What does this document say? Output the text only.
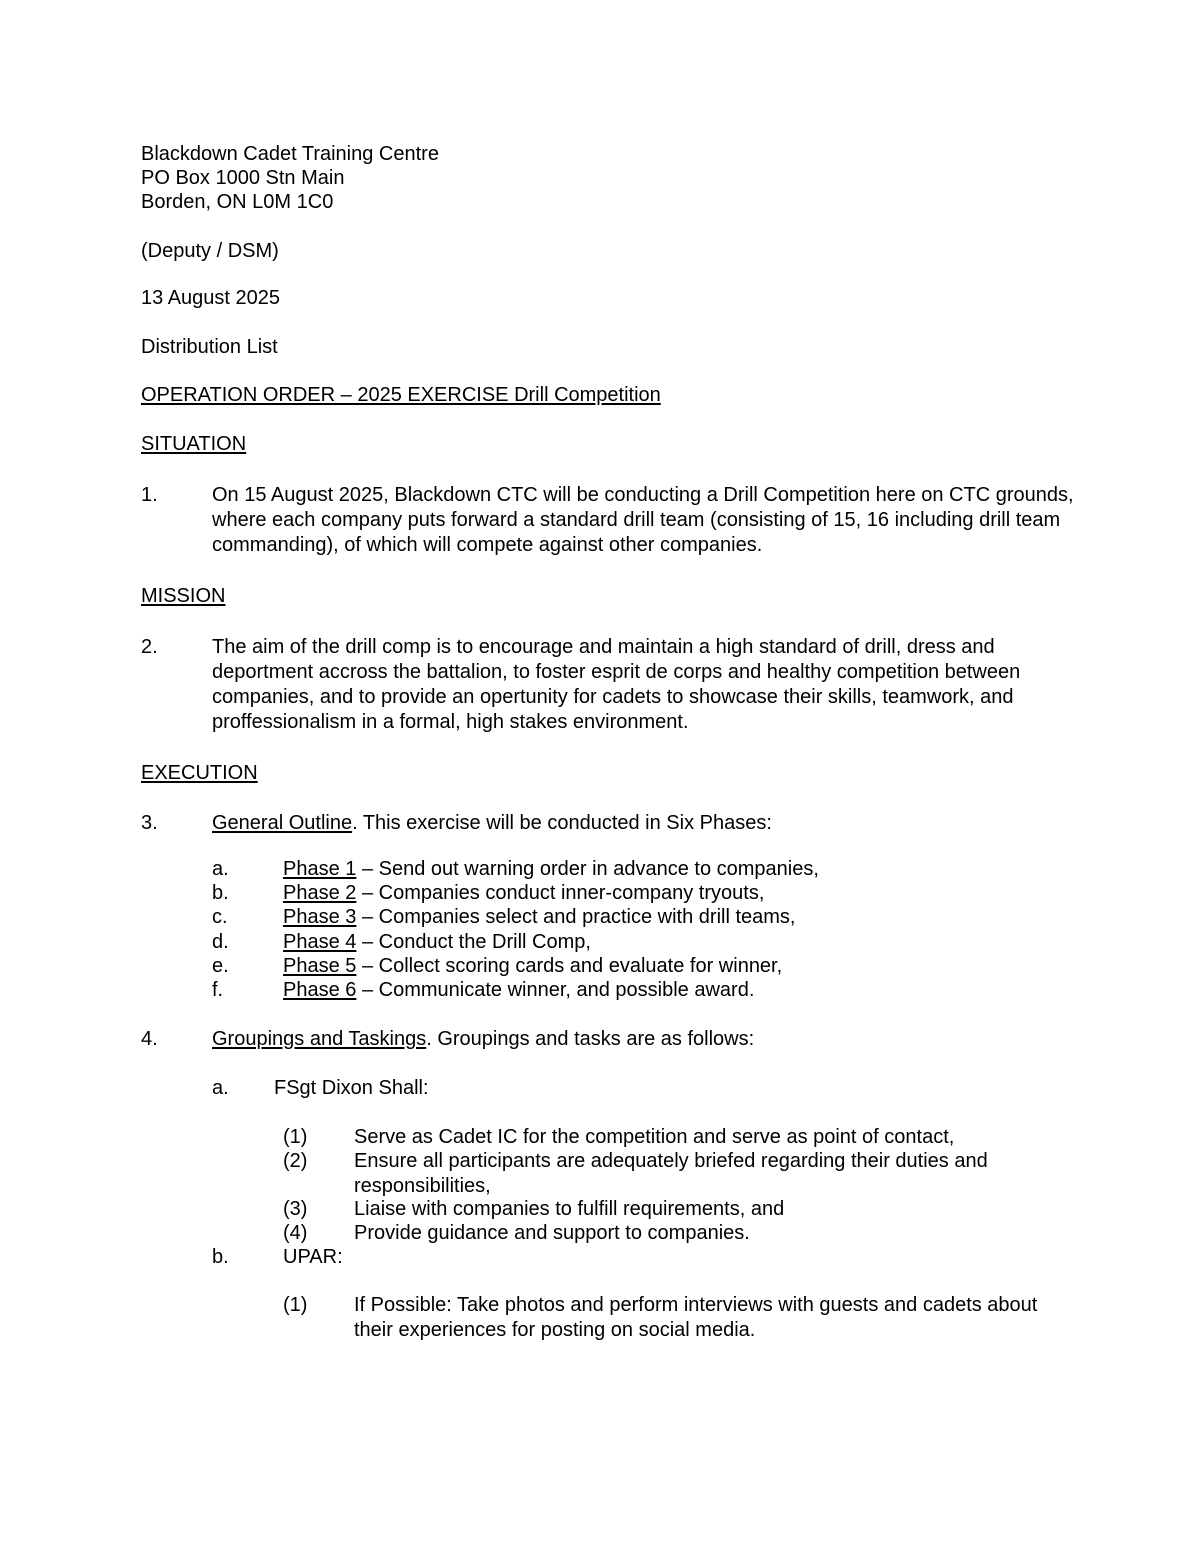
Blackdown Cadet Training Centre
PO Box 1000 Stn Main
Borden, ON L0M 1C0
(Deputy / DSM)
13 August 2025
Distribution List
OPERATION ORDER – 2025 EXERCISE Drill Competition
SITUATION
1.	On 15 August 2025, Blackdown CTC will be conducting a Drill Competition here on CTC grounds, where each company puts forward a standard drill team (consisting of 15, 16 including drill team commanding), of which will compete against other companies.
MISSION
2.	The aim of the drill comp is to encourage and maintain a high standard of drill, dress and deportment accross the battalion, to foster esprit de corps and healthy competition between companies, and to provide an opertunity for cadets to showcase their skills, teamwork, and proffessionalism in a formal, high stakes environment.
EXECUTION
3.	General Outline. This exercise will be conducted in Six Phases:
a.	Phase 1 – Send out warning order in advance to companies,
b.	Phase 2 – Companies conduct inner-company tryouts,
c.	Phase 3 – Companies select and practice with drill teams,
d.	Phase 4 – Conduct the Drill Comp,
e.	Phase 5 – Collect scoring cards and evaluate for winner,
f.	Phase 6 – Communicate winner, and possible award.
4.	Groupings and Taskings. Groupings and tasks are as follows:
a. FSgt Dixon Shall:
(1) Serve as Cadet IC for the competition and serve as point of contact,
(2) Ensure all participants are adequately briefed regarding their duties and responsibilities,
(3) Liaise with companies to fulfill requirements, and
(4) Provide guidance and support to companies.
b.	UPAR:
(1) If Possible: Take photos and perform interviews with guests and cadets about their experiences for posting on social media.
